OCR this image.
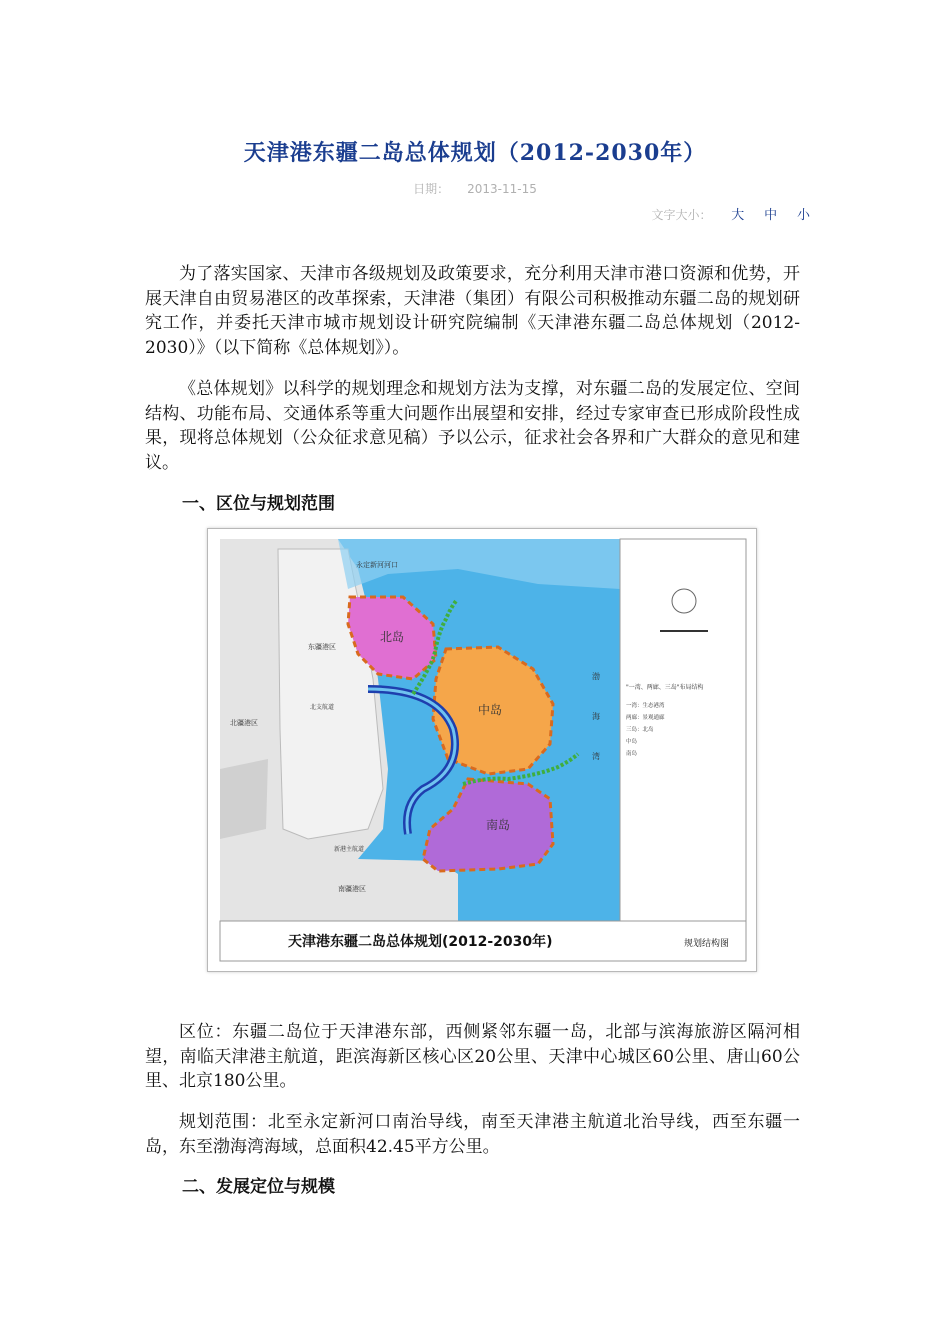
天津港东疆二岛总体规划（2012-2030年）
日期： 2013-11-15
文字大小： 大 中 小

为了落实国家、天津市各级规划及政策要求，充分利用天津市港口资源和优势，开展天津自由贸易港区的改革探索，天津港（集团）有限公司积极推动东疆二岛的规划研究工作，并委托天津市城市规划设计研究院编制《天津港东疆二岛总体规划（2012-2030）》（以下简称《总体规划》）。

《总体规划》以科学的规划理念和规划方法为支撑，对东疆二岛的发展定位、空间结构、功能布局、交通体系等重大问题作出展望和安排，经过专家审查已形成阶段性成果，现将总体规划（公众征求意见稿）予以公示，征求社会各界和广大群众的意见和建议。

一、区位与规划范围
北岛
中岛
南岛
永定新河河口
东疆港区
北疆港区
南疆港区
北支航道
新港主航道
渤
海
湾
"一湾、两廊、三岛"布局结构
一湾：生态港湾
两廊：景观通廊
三岛：北岛
中岛
南岛
天津港东疆二岛总体规划(2012-2030年)	规划结构图

区位：东疆二岛位于天津港东部，西侧紧邻东疆一岛，北部与滨海旅游区隔河相望，南临天津港主航道，距滨海新区核心区20公里、天津中心城区60公里、唐山60公里、北京180公里。

规划范围：北至永定新河口南治导线，南至天津港主航道北治导线，西至东疆一岛，东至渤海湾海域，总面积42.45平方公里。

二、发展定位与规模
